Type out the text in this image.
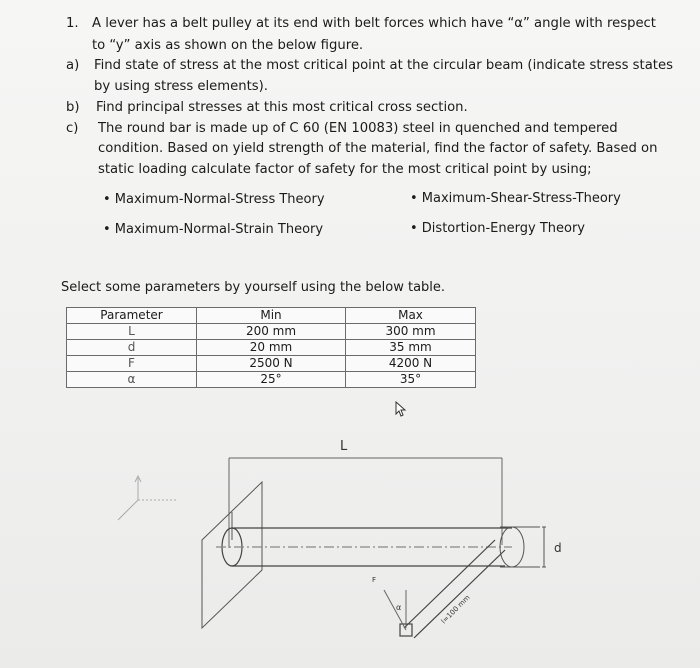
1. A lever has a belt pulley at its end with belt forces which have “α” angle with respect
to “y” axis as shown on the below figure.
a) Find state of stress at the most critical point at the circular beam (indicate stress states
by using stress elements).
b) Find principal stresses at this most critical cross section.
c) The round bar is made up of C 60 (EN 10083) steel in quenched and tempered
condition. Based on yield strength of the material, find the factor of safety. Based on
static loading calculate factor of safety for the most critical point by using;
• Maximum-Normal-Stress Theory	• Maximum-Shear-Stress-Theory
• Maximum-Normal-Strain Theory	• Distortion-Energy Theory
Select some parameters by yourself using the below table.
Parameter	Min	Max
L	200 mm	300 mm
d	20 mm	35 mm
F	2500 N	4200 N
α	25°	35°
L
d
F
α	l=100 mm
